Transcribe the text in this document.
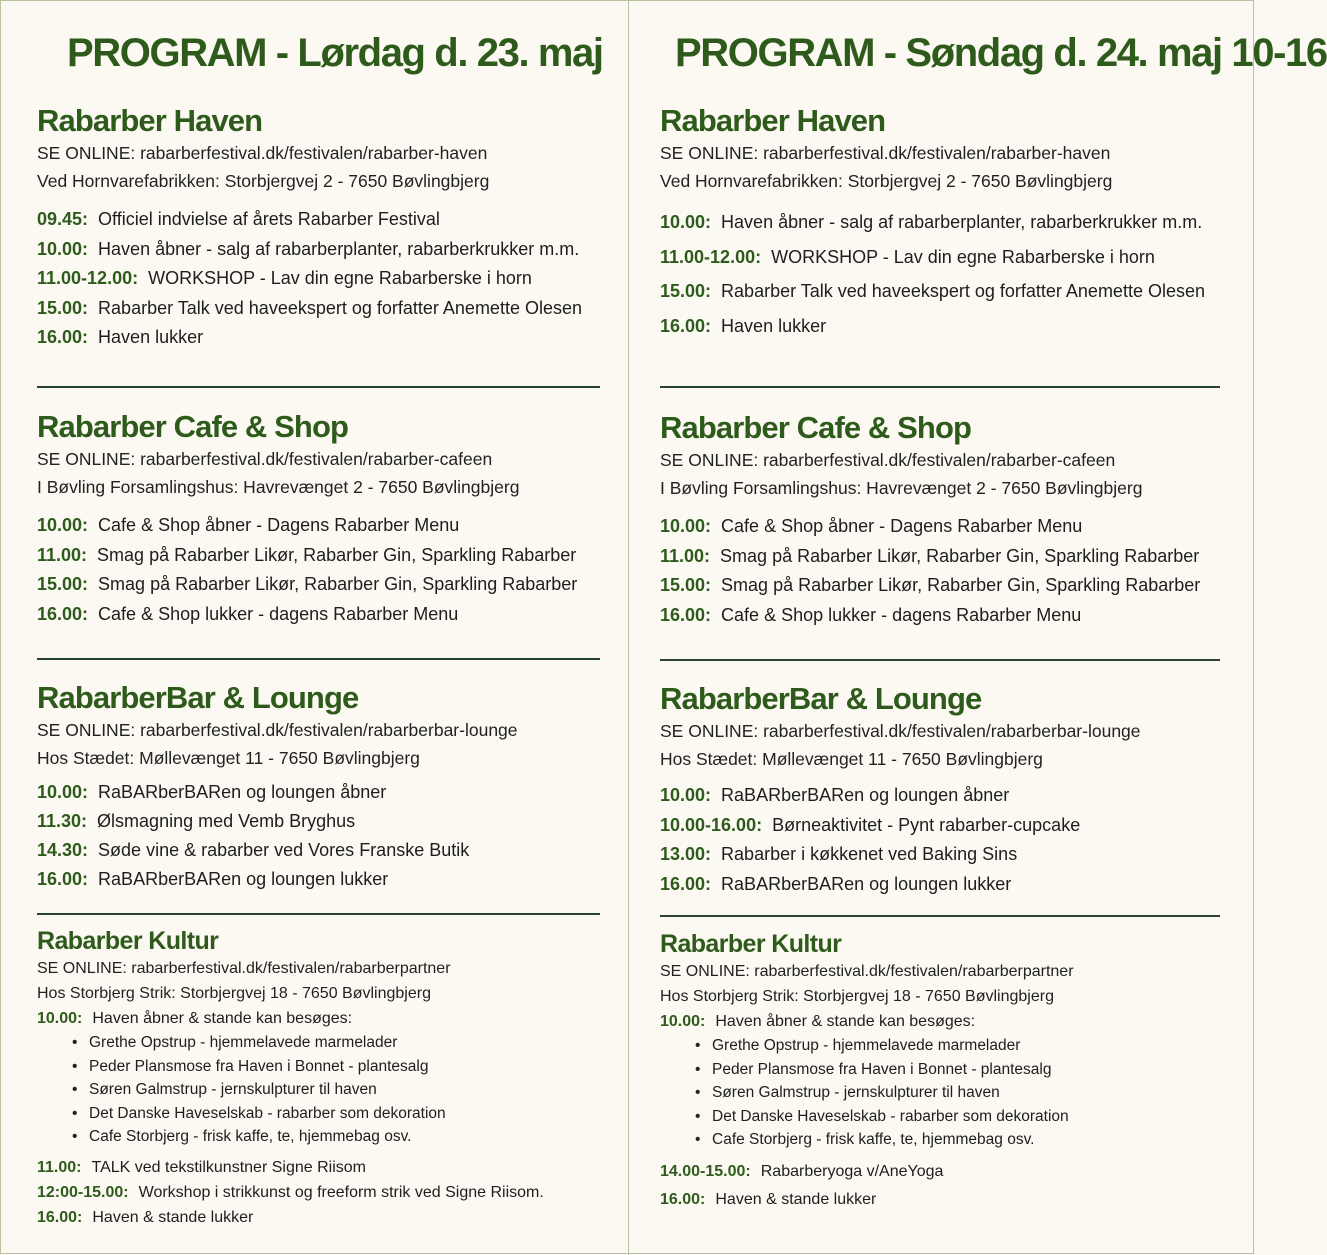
PROGRAM - Lørdag d. 23. maj
Rabarber Haven
SE ONLINE: rabarberfestival.dk/festivalen/rabarber-haven
Ved Hornvarefabrikken: Storbjergvej 2 - 7650 Bøvlingbjerg
09.45: Officiel indvielse af årets Rabarber Festival
10.00: Haven åbner - salg af rabarberplanter, rabarberkrukker m.m.
11.00-12.00: WORKSHOP - Lav din egne Rabarberske i horn
15.00: Rabarber Talk ved haveekspert og forfatter Anemette Olesen
16.00: Haven lukker
Rabarber Cafe & Shop
SE ONLINE: rabarberfestival.dk/festivalen/rabarber-cafeen
I Bøvling Forsamlingshus: Havrevænget 2 - 7650 Bøvlingbjerg
10.00: Cafe & Shop åbner - Dagens Rabarber Menu
11.00: Smag på Rabarber Likør, Rabarber Gin, Sparkling Rabarber
15.00: Smag på Rabarber Likør, Rabarber Gin, Sparkling Rabarber
16.00: Cafe & Shop lukker - dagens Rabarber Menu
RabarberBar & Lounge
SE ONLINE: rabarberfestival.dk/festivalen/rabarberbar-lounge
Hos Stædet: Møllevænget 11 - 7650 Bøvlingbjerg
10.00: RaBARberBARen og loungen åbner
11.30: Ølsmagning med Vemb Bryghus
14.30: Søde vine & rabarber ved Vores Franske Butik
16.00: RaBARberBARen og loungen lukker
Rabarber Kultur
SE ONLINE: rabarberfestival.dk/festivalen/rabarberpartner
Hos Storbjerg Strik: Storbjergvej 18 - 7650 Bøvlingbjerg
10.00: Haven åbner & stande kan besøges:
• Grethe Opstrup - hjemmelavede marmelader
• Peder Plansmose fra Haven i Bonnet - plantesalg
• Søren Galmstrup - jernskulpturer til haven
• Det Danske Haveselskab - rabarber som dekoration
• Cafe Storbjerg - frisk kaffe, te, hjemmebag osv.
11.00: TALK ved tekstilkunstner Signe Riisom
12:00-15.00: Workshop i strikkunst og freeform strik ved Signe Riisom.
16.00: Haven & stande lukker
PROGRAM - Søndag d. 24. maj 10-16
Rabarber Haven
SE ONLINE: rabarberfestival.dk/festivalen/rabarber-haven
Ved Hornvarefabrikken: Storbjergvej 2 - 7650 Bøvlingbjerg
10.00: Haven åbner - salg af rabarberplanter, rabarberkrukker m.m.
11.00-12.00: WORKSHOP - Lav din egne Rabarberske i horn
15.00: Rabarber Talk ved haveekspert og forfatter Anemette Olesen
16.00: Haven lukker
Rabarber Cafe & Shop
SE ONLINE: rabarberfestival.dk/festivalen/rabarber-cafeen
I Bøvling Forsamlingshus: Havrevænget 2 - 7650 Bøvlingbjerg
10.00: Cafe & Shop åbner - Dagens Rabarber Menu
11.00: Smag på Rabarber Likør, Rabarber Gin, Sparkling Rabarber
15.00: Smag på Rabarber Likør, Rabarber Gin, Sparkling Rabarber
16.00: Cafe & Shop lukker - dagens Rabarber Menu
RabarberBar & Lounge
SE ONLINE: rabarberfestival.dk/festivalen/rabarberbar-lounge
Hos Stædet: Møllevænget 11 - 7650 Bøvlingbjerg
10.00: RaBARberBARen og loungen åbner
10.00-16.00: Børneaktivitet - Pynt rabarber-cupcake
13.00: Rabarber i køkkenet ved Baking Sins
16.00: RaBARberBARen og loungen lukker
Rabarber Kultur
SE ONLINE: rabarberfestival.dk/festivalen/rabarberpartner
Hos Storbjerg Strik: Storbjergvej 18 - 7650 Bøvlingbjerg
10.00: Haven åbner & stande kan besøges:
• Grethe Opstrup - hjemmelavede marmelader
• Peder Plansmose fra Haven i Bonnet - plantesalg
• Søren Galmstrup - jernskulpturer til haven
• Det Danske Haveselskab - rabarber som dekoration
• Cafe Storbjerg - frisk kaffe, te, hjemmebag osv.
14.00-15.00: Rabarberyoga v/AneYoga
16.00: Haven & stande lukker
